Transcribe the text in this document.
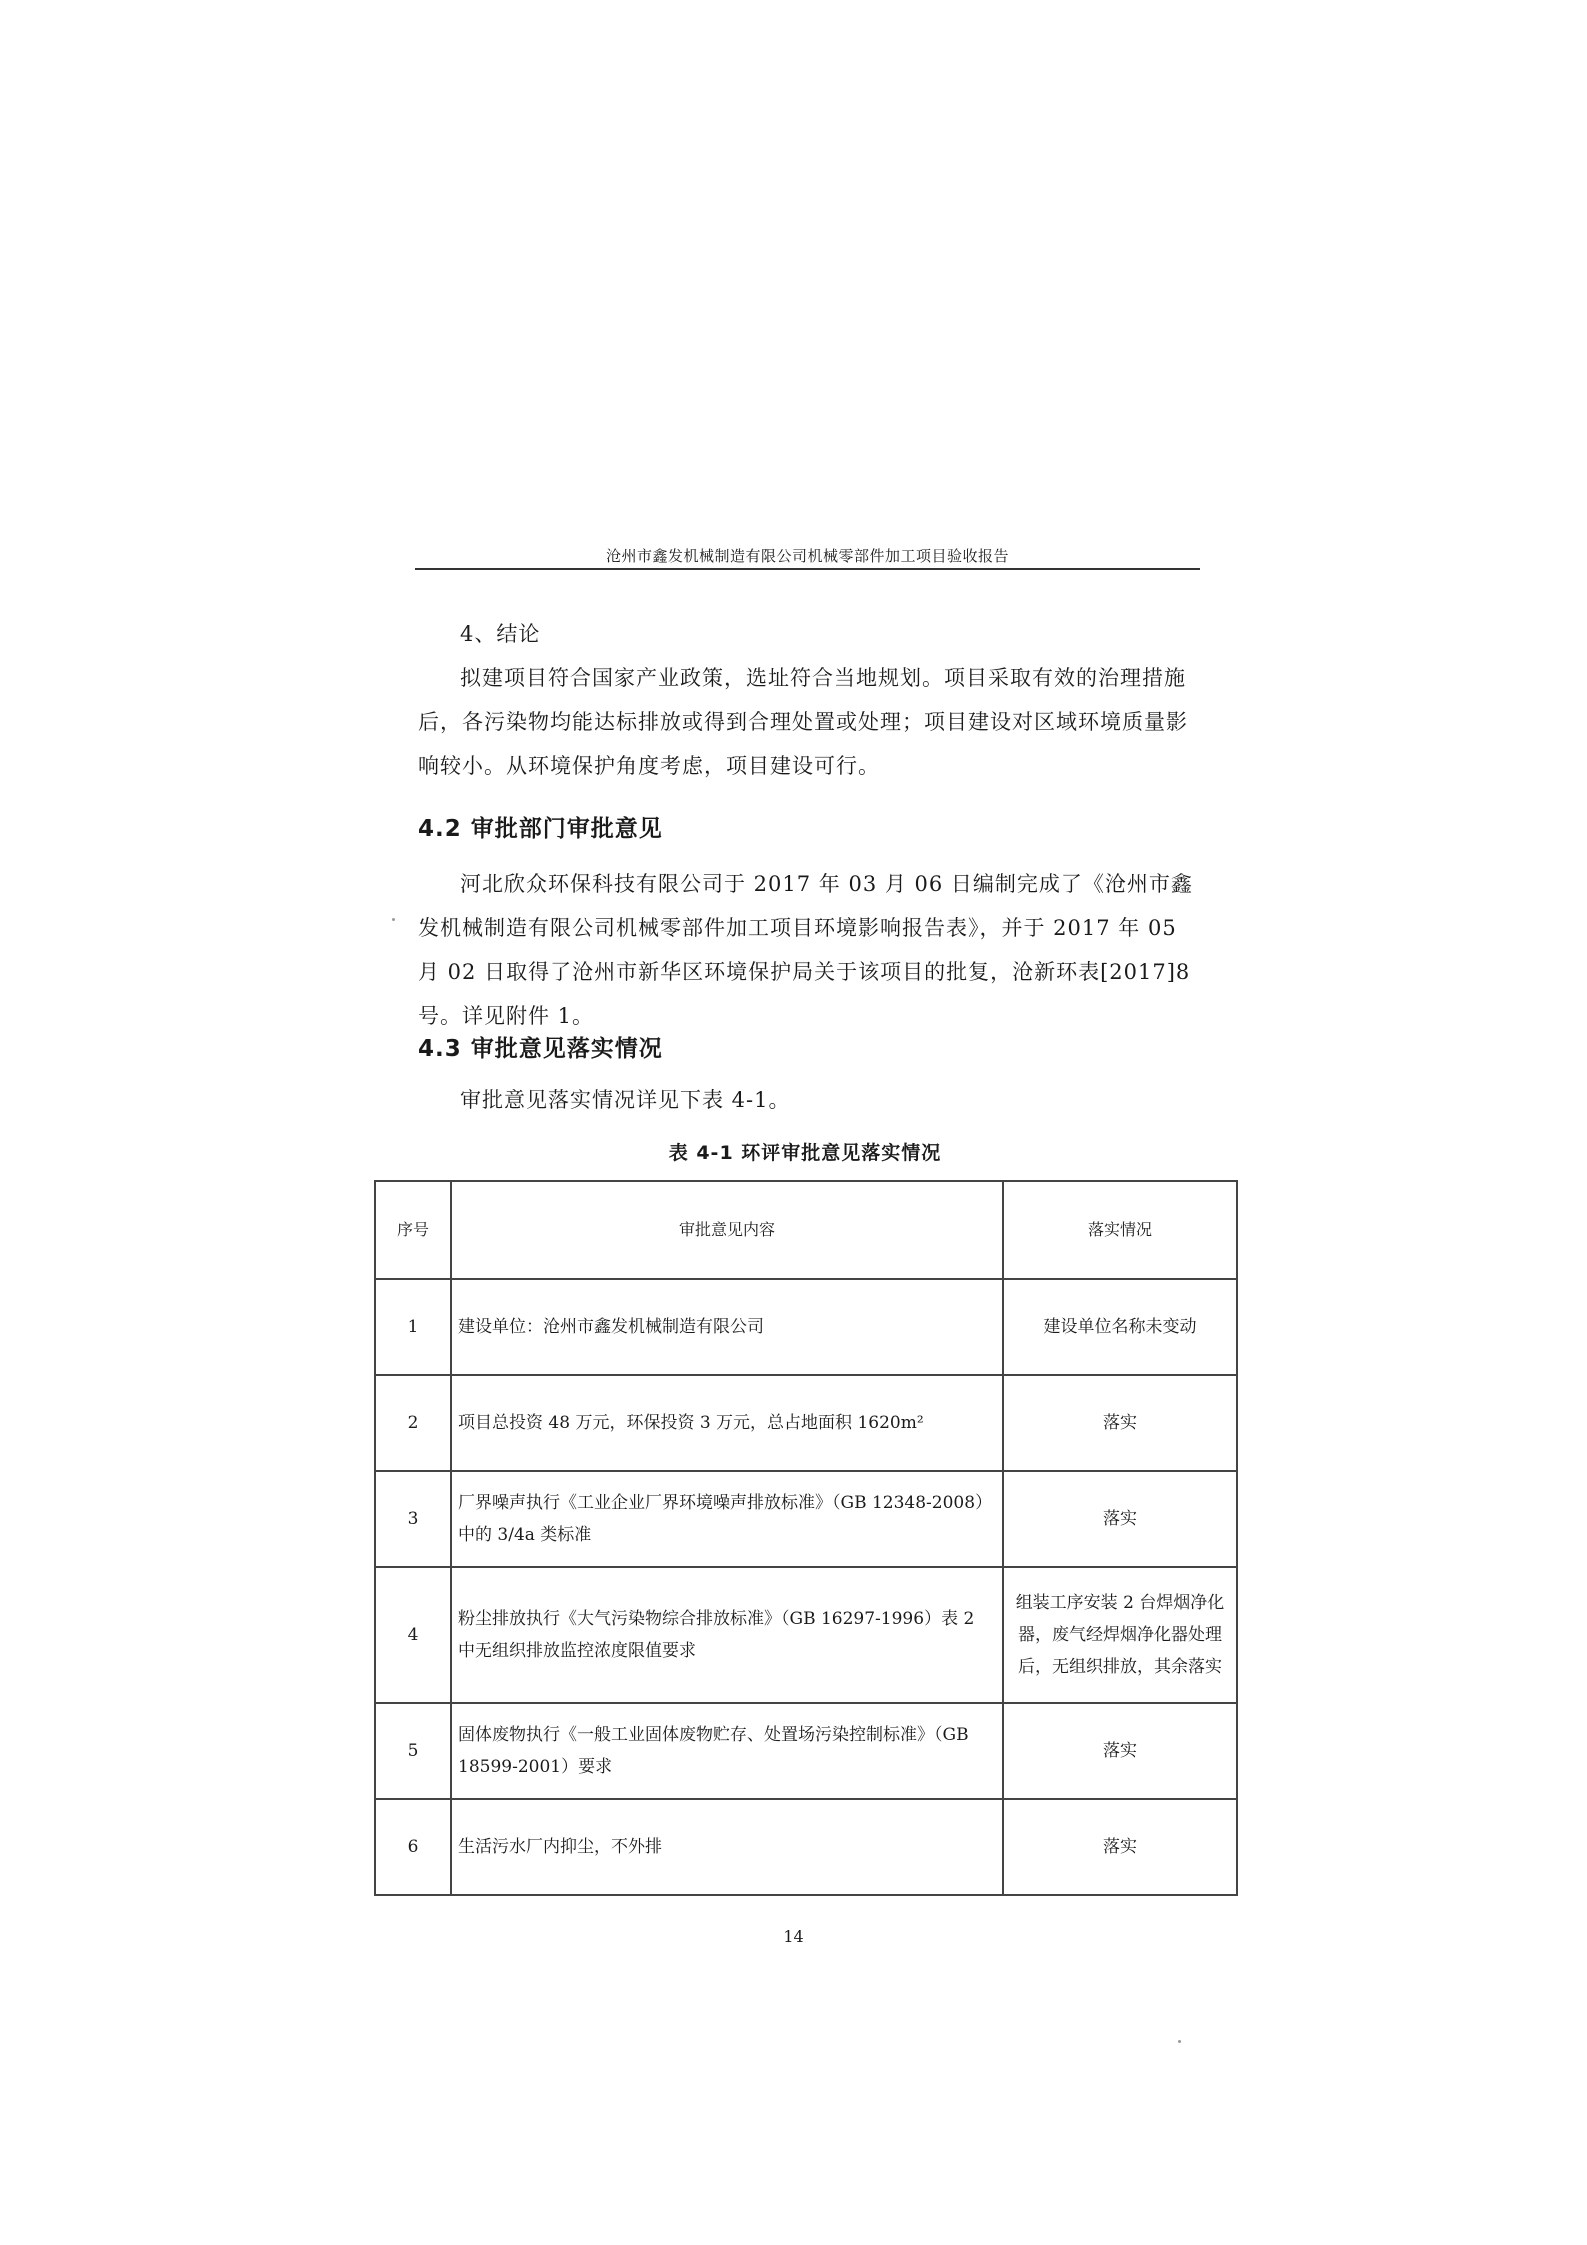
沧州市鑫发机械制造有限公司机械零部件加工项目验收报告
4、结论
拟建项目符合国家产业政策，选址符合当地规划。项目采取有效的治理措施后，各污染物均能达标排放或得到合理处置或处理；项目建设对区域环境质量影响较小。从环境保护角度考虑，项目建设可行。
4.2 审批部门审批意见
河北欣众环保科技有限公司于 2017 年 03 月 06 日编制完成了《沧州市鑫发机械制造有限公司机械零部件加工项目环境影响报告表》，并于 2017 年 05 月 02 日取得了沧州市新华区环境保护局关于该项目的批复，沧新环表[2017]8 号。详见附件 1。
4.3 审批意见落实情况
审批意见落实情况详见下表 4-1。
表 4-1 环评审批意见落实情况
序号	审批意见内容	落实情况
1	建设单位：沧州市鑫发机械制造有限公司	建设单位名称未变动
2	项目总投资 48 万元，环保投资 3 万元，总占地面积 1620m²	落实
3	厂界噪声执行《工业企业厂界环境噪声排放标准》（GB 12348-2008）中的 3/4a 类标准	落实
4	粉尘排放执行《大气污染物综合排放标准》（GB 16297-1996）表 2 中无组织排放监控浓度限值要求	组装工序安装 2 台焊烟净化器，废气经焊烟净化器处理后，无组织排放，其余落实
5	固体废物执行《一般工业固体废物贮存、处置场污染控制标准》（GB 18599-2001）要求	落实
6	生活污水厂内抑尘，不外排	落实
14
